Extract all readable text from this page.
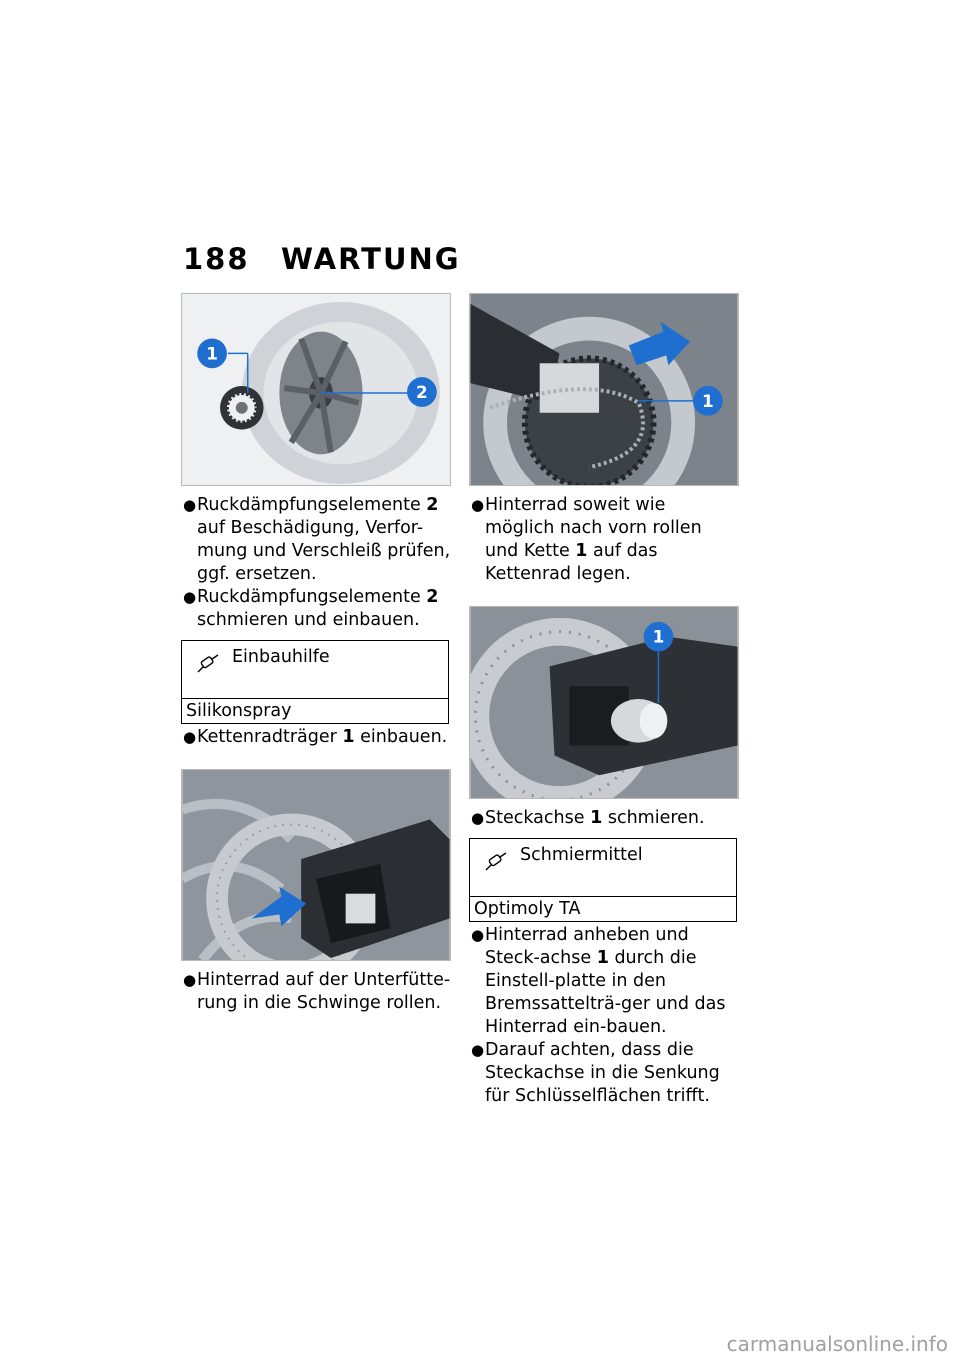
188 WARTUNG
1
2

● Ruckdämpfungselemente 2 auf Beschädigung, Verfor-mung und Verschleiß prüfen, ggf. ersetzen.

● Ruckdämpfungselemente 2 schmieren und einbauen.

Einbauhilfe
Silikonspray

● Kettenradträger 1 einbauen.

● Hinterrad auf der Unterfütte-rung in die Schwinge rollen.

1

● Hinterrad soweit wie möglich nach vorn rollen und Kette 1 auf das Kettenrad legen.

1

● Steckachse 1 schmieren.

Schmiermittel
Optimoly TA

● Hinterrad anheben und Steck-achse 1 durch die Einstell-platte in den Bremssattelträ-ger und das Hinterrad ein-bauen.

● Darauf achten, dass die Steckachse in die Senkung für Schlüsselflächen trifft.

carmanualsonline.info
